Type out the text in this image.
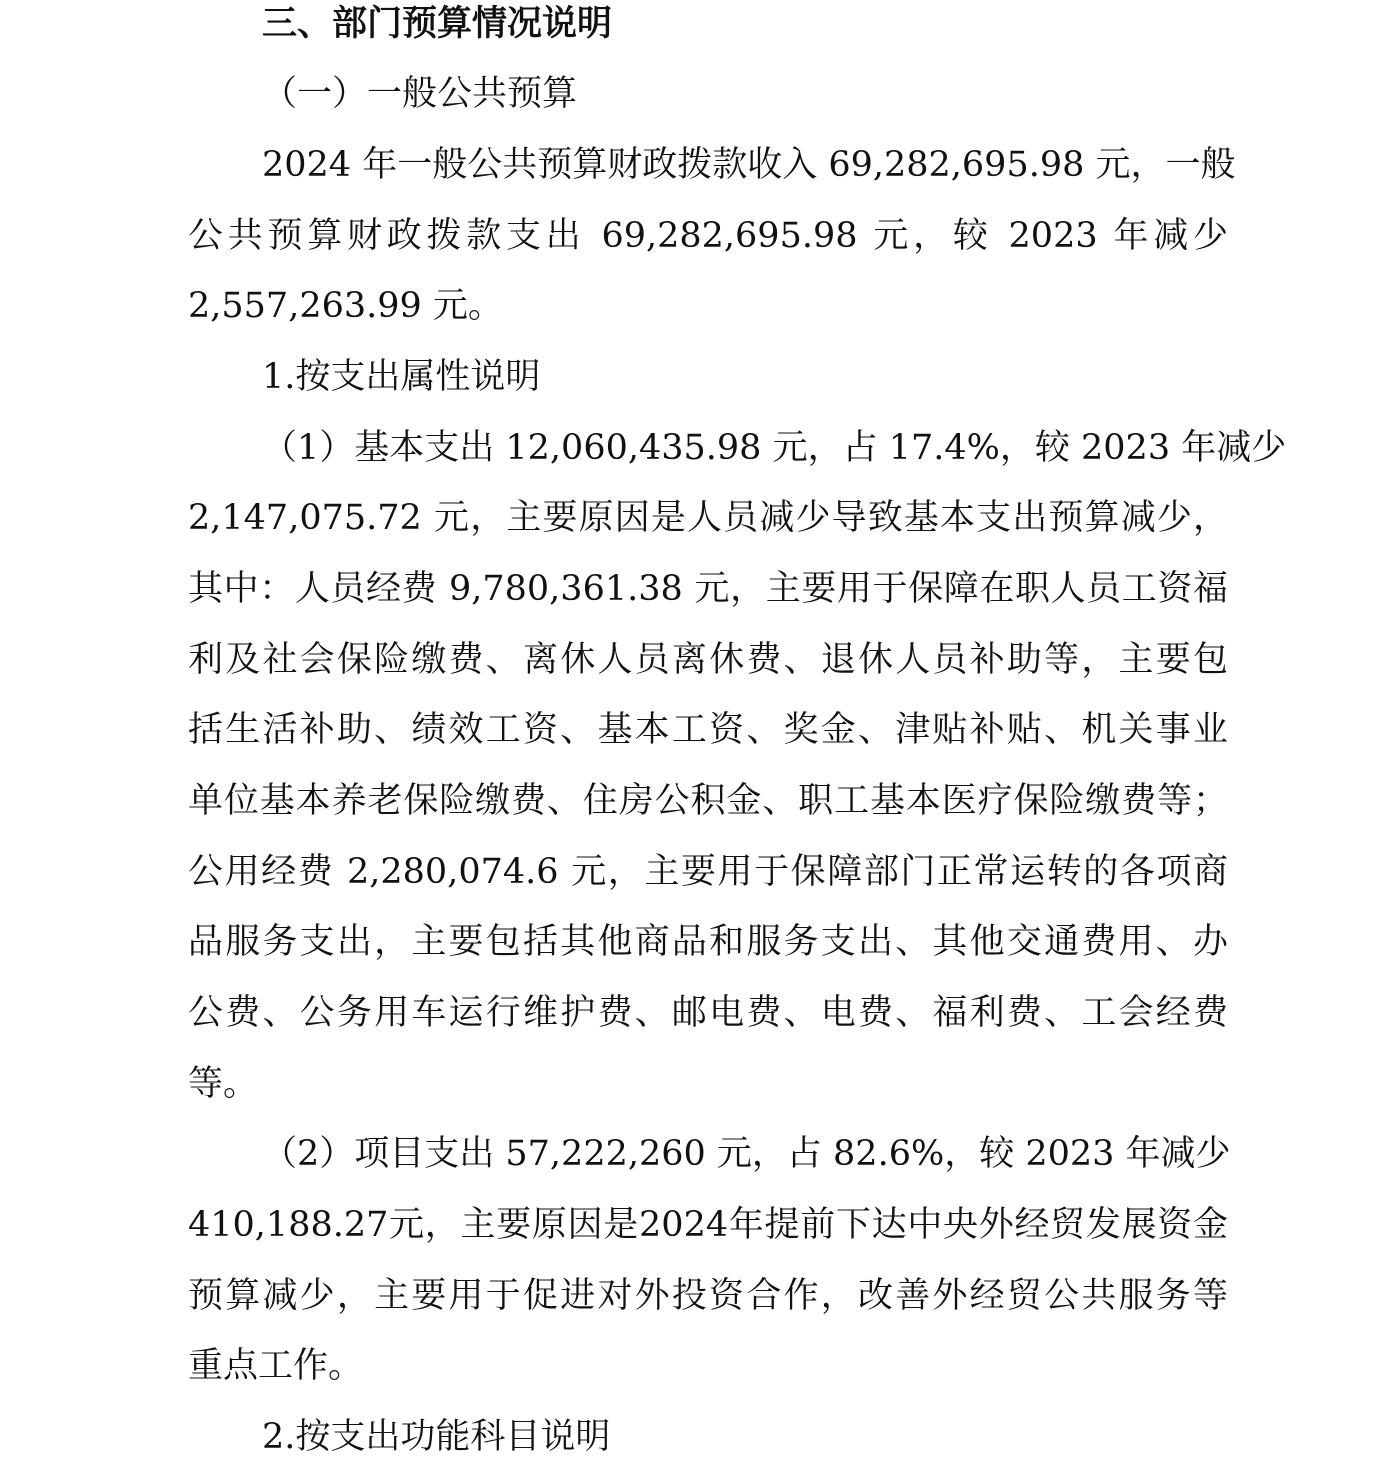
三、部门预算情况说明
（一）一般公共预算
2024 年一般公共预算财政拨款收入 69,282,695.98 元，一般
公共预算财政拨款支出 69,282,695.98 元，较 2023 年减少
2,557,263.99 元。
1.按支出属性说明
（1）基本支出 12,060,435.98 元，占 17.4%，较 2023 年减少
2,147,075.72 元，主要原因是人员减少导致基本支出预算减少，
其中：人员经费 9,780,361.38 元，主要用于保障在职人员工资福
利及社会保险缴费、离休人员离休费、退休人员补助等，主要包
括生活补助、绩效工资、基本工资、奖金、津贴补贴、机关事业
单位基本养老保险缴费、住房公积金、职工基本医疗保险缴费等；
公用经费 2,280,074.6 元，主要用于保障部门正常运转的各项商
品服务支出，主要包括其他商品和服务支出、其他交通费用、办
公费、公务用车运行维护费、邮电费、电费、福利费、工会经费
等。
（2）项目支出 57,222,260 元，占 82.6%，较 2023 年减少
410,188.27元，主要原因是2024年提前下达中央外经贸发展资金
预算减少，主要用于促进对外投资合作，改善外经贸公共服务等
重点工作。
2.按支出功能科目说明
